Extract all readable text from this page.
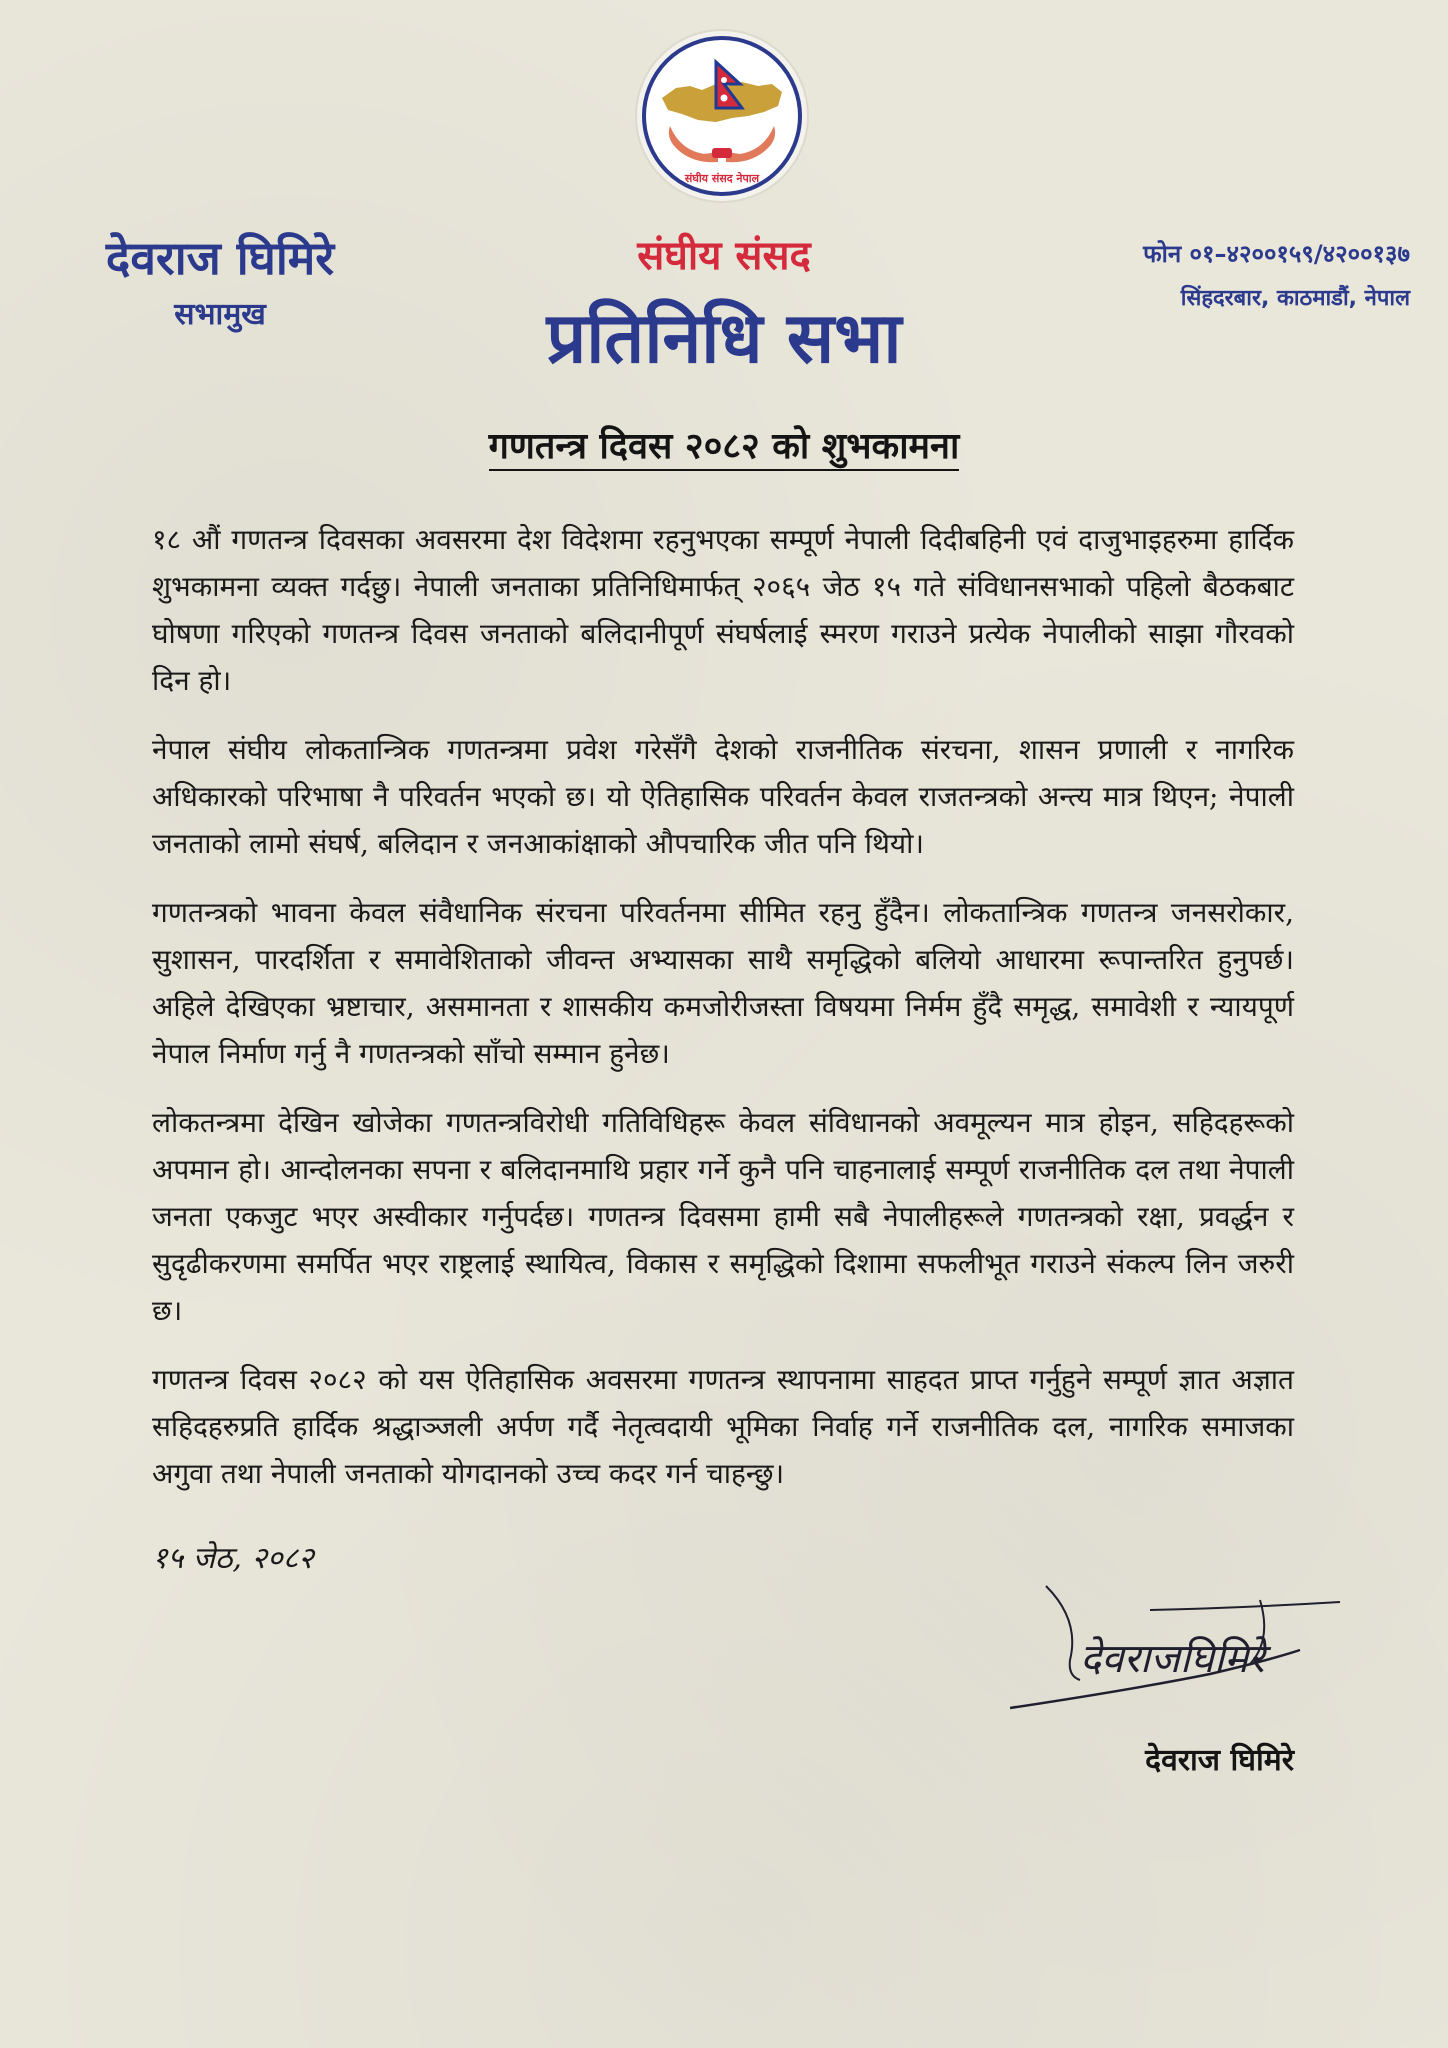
संघीय संसद नेपाल
देवराज घिमिरे
सभामुख
संघीय संसद
प्रतिनिधि सभा
फोन ०१–४२००१५९/४२००१३७
सिंहदरबार, काठमाडौं, नेपाल
गणतन्त्र दिवस २०८२ को शुभकामना

१८ औं गणतन्त्र दिवसका अवसरमा देश विदेशमा रहनुभएका सम्पूर्ण नेपाली दिदीबहिनी एवं दाजुभाइहरुमा हार्दिक शुभकामना व्यक्त गर्दछु। नेपाली जनताका प्रतिनिधिमार्फत् २०६५ जेठ १५ गते संविधानसभाको पहिलो बैठकबाट घोषणा गरिएको गणतन्त्र दिवस जनताको बलिदानीपूर्ण संघर्षलाई स्मरण गराउने प्रत्येक नेपालीको साझा गौरवको दिन हो।

नेपाल संघीय लोकतान्त्रिक गणतन्त्रमा प्रवेश गरेसँगै देशको राजनीतिक संरचना, शासन प्रणाली र नागरिक अधिकारको परिभाषा नै परिवर्तन भएको छ। यो ऐतिहासिक परिवर्तन केवल राजतन्त्रको अन्त्य मात्र थिएन; नेपाली जनताको लामो संघर्ष, बलिदान र जनआकांक्षाको औपचारिक जीत पनि थियो।

गणतन्त्रको भावना केवल संवैधानिक संरचना परिवर्तनमा सीमित रहनु हुँदैन। लोकतान्त्रिक गणतन्त्र जनसरोकार, सुशासन, पारदर्शिता र समावेशिताको जीवन्त अभ्यासका साथै समृद्धिको बलियो आधारमा रूपान्तरित हुनुपर्छ। अहिले देखिएका भ्रष्टाचार, असमानता र शासकीय कमजोरीजस्ता विषयमा निर्मम हुँदै समृद्ध, समावेशी र न्यायपूर्ण नेपाल निर्माण गर्नु नै गणतन्त्रको साँचो सम्मान हुनेछ।

लोकतन्त्रमा देखिन खोजेका गणतन्त्रविरोधी गतिविधिहरू केवल संविधानको अवमूल्यन मात्र होइन, सहिदहरूको अपमान हो। आन्दोलनका सपना र बलिदानमाथि प्रहार गर्ने कुनै पनि चाहनालाई सम्पूर्ण राजनीतिक दल तथा नेपाली जनता एकजुट भएर अस्वीकार गर्नुपर्दछ। गणतन्त्र दिवसमा हामी सबै नेपालीहरूले गणतन्त्रको रक्षा, प्रवर्द्धन र सुदृढीकरणमा समर्पित भएर राष्ट्रलाई स्थायित्व, विकास र समृद्धिको दिशामा सफलीभूत गराउने संकल्प लिन जरुरी छ।

गणतन्त्र दिवस २०८२ को यस ऐतिहासिक अवसरमा गणतन्त्र स्थापनामा साहदत प्राप्त गर्नुहुने सम्पूर्ण ज्ञात अज्ञात सहिदहरुप्रति हार्दिक श्रद्धाञ्जली अर्पण गर्दै नेतृत्वदायी भूमिका निर्वाह गर्ने राजनीतिक दल, नागरिक समाजका अगुवा तथा नेपाली जनताको योगदानको उच्च कदर गर्न चाहन्छु।

१५ जेठ, २०८२
देवराजघिमिरे
देवराज घिमिरे
